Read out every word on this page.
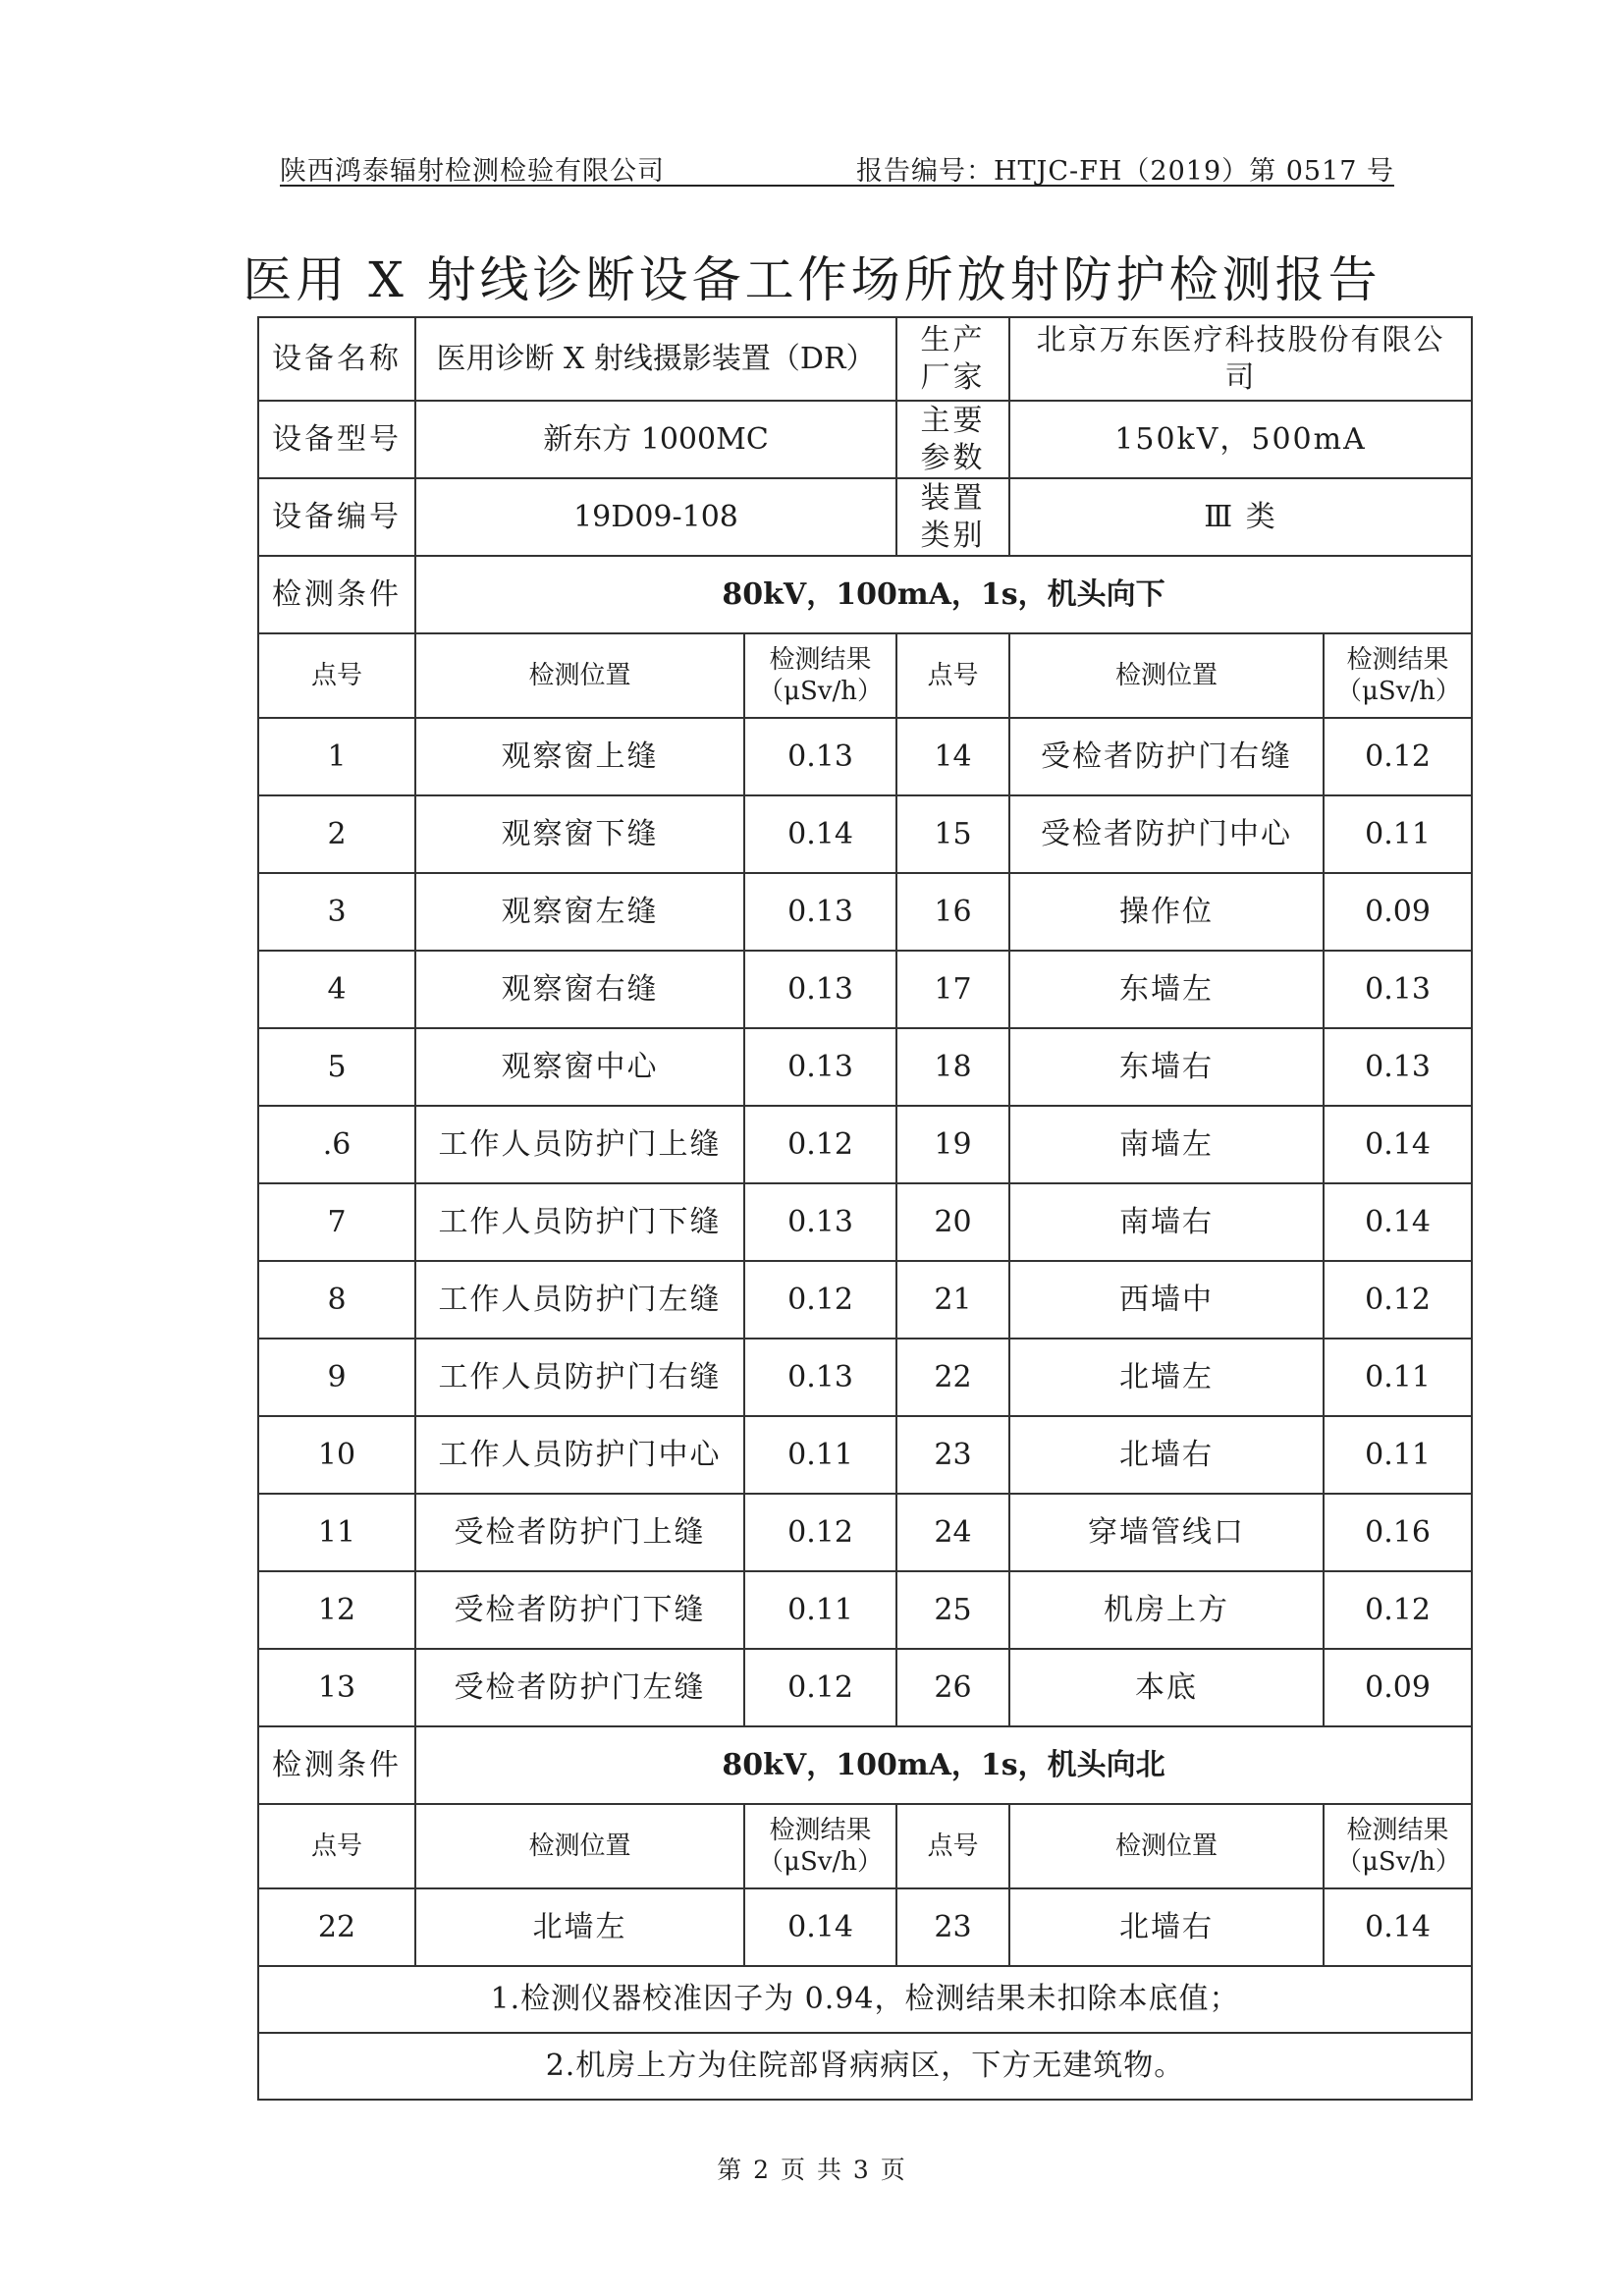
陕西鸿泰辐射检测检验有限公司	报告编号：HTJC-FH（2019）第 0517 号
医用 X 射线诊断设备工作场所放射防护检测报告
设备名称	医用诊断 X 射线摄影装置（DR）		生产厂家	北京万东医疗科技股份有限公司	
设备型号	新东方 1000MC		主要参数	150kV，500mA	
设备编号	19D09-108		装置类别	Ⅲ 类	
检测条件	80kV，100mA，1s，机头向下				
点号	检测位置	检测结果（μSv/h）	点号	检测位置	检测结果（μSv/h）
1	观察窗上缝	0.13	14	受检者防护门右缝	0.12
2	观察窗下缝	0.14	15	受检者防护门中心	0.11
3	观察窗左缝	0.13	16	操作位	0.09
4	观察窗右缝	0.13	17	东墙左	0.13
5	观察窗中心	0.13	18	东墙右	0.13
.6	工作人员防护门上缝	0.12	19	南墙左	0.14
7	工作人员防护门下缝	0.13	20	南墙右	0.14
8	工作人员防护门左缝	0.12	21	西墙中	0.12
9	工作人员防护门右缝	0.13	22	北墙左	0.11
10	工作人员防护门中心	0.11	23	北墙右	0.11
11	受检者防护门上缝	0.12	24	穿墙管线口	0.16
12	受检者防护门下缝	0.11	25	机房上方	0.12
13	受检者防护门左缝	0.12	26	本底	0.09
检测条件	80kV，100mA，1s，机头向北				
点号	检测位置	检测结果（μSv/h）	点号	检测位置	检测结果（μSv/h）
22	北墙左	0.14	23	北墙右	0.14
1.检测仪器校准因子为 0.94，检测结果未扣除本底值；					
2.机房上方为住院部肾病病区，下方无建筑物。					
第 2 页 共 3 页
